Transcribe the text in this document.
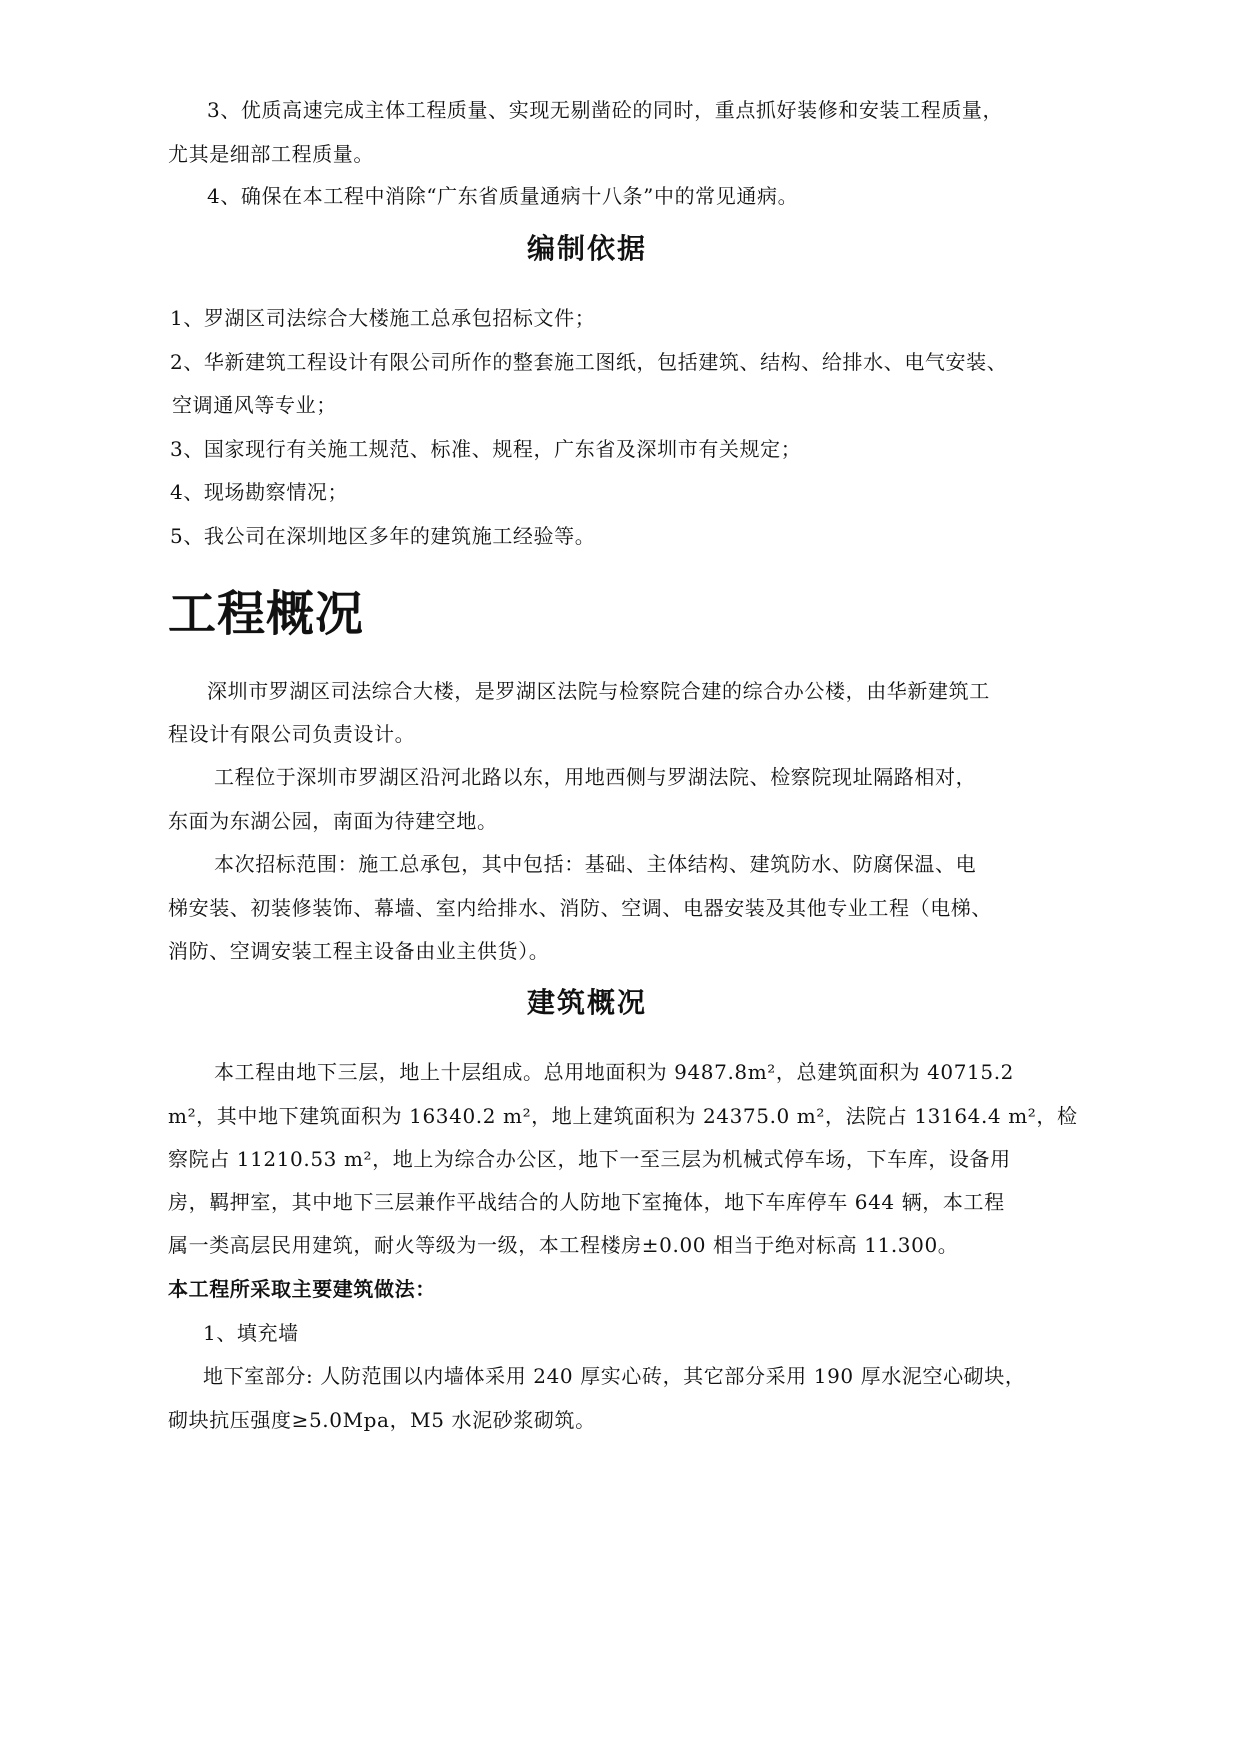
3、优质高速完成主体工程质量、实现无剔凿砼的同时，重点抓好装修和安装工程质量，
尤其是细部工程质量。
4、确保在本工程中消除“广东省质量通病十八条”中的常见通病。
编制依据
1、罗湖区司法综合大楼施工总承包招标文件；
2、华新建筑工程设计有限公司所作的整套施工图纸，包括建筑、结构、给排水、电气安装、
空调通风等专业；
3、国家现行有关施工规范、标准、规程，广东省及深圳市有关规定；
4、现场勘察情况；
5、我公司在深圳地区多年的建筑施工经验等。
工程概况
深圳市罗湖区司法综合大楼，是罗湖区法院与检察院合建的综合办公楼，由华新建筑工
程设计有限公司负责设计。
工程位于深圳市罗湖区沿河北路以东，用地西侧与罗湖法院、检察院现址隔路相对，
东面为东湖公园，南面为待建空地。
本次招标范围：施工总承包，其中包括：基础、主体结构、建筑防水、防腐保温、电
梯安装、初装修装饰、幕墙、室内给排水、消防、空调、电器安装及其他专业工程（电梯、
消防、空调安装工程主设备由业主供货）。
建筑概况
本工程由地下三层，地上十层组成。总用地面积为 9487.8m²，总建筑面积为 40715.2
m²，其中地下建筑面积为 16340.2 m²，地上建筑面积为 24375.0 m²，法院占 13164.4 m²，检
察院占 11210.53 m²，地上为综合办公区，地下一至三层为机械式停车场，下车库，设备用
房，羁押室，其中地下三层兼作平战结合的人防地下室掩体，地下车库停车 644 辆，本工程
属一类高层民用建筑，耐火等级为一级，本工程楼房±0.00 相当于绝对标高 11.300。
本工程所采取主要建筑做法：
1、填充墙
地下室部分: 人防范围以内墙体采用 240 厚实心砖，其它部分采用 190 厚水泥空心砌块，
砌块抗压强度≥5.0Mpa，M5 水泥砂浆砌筑。
